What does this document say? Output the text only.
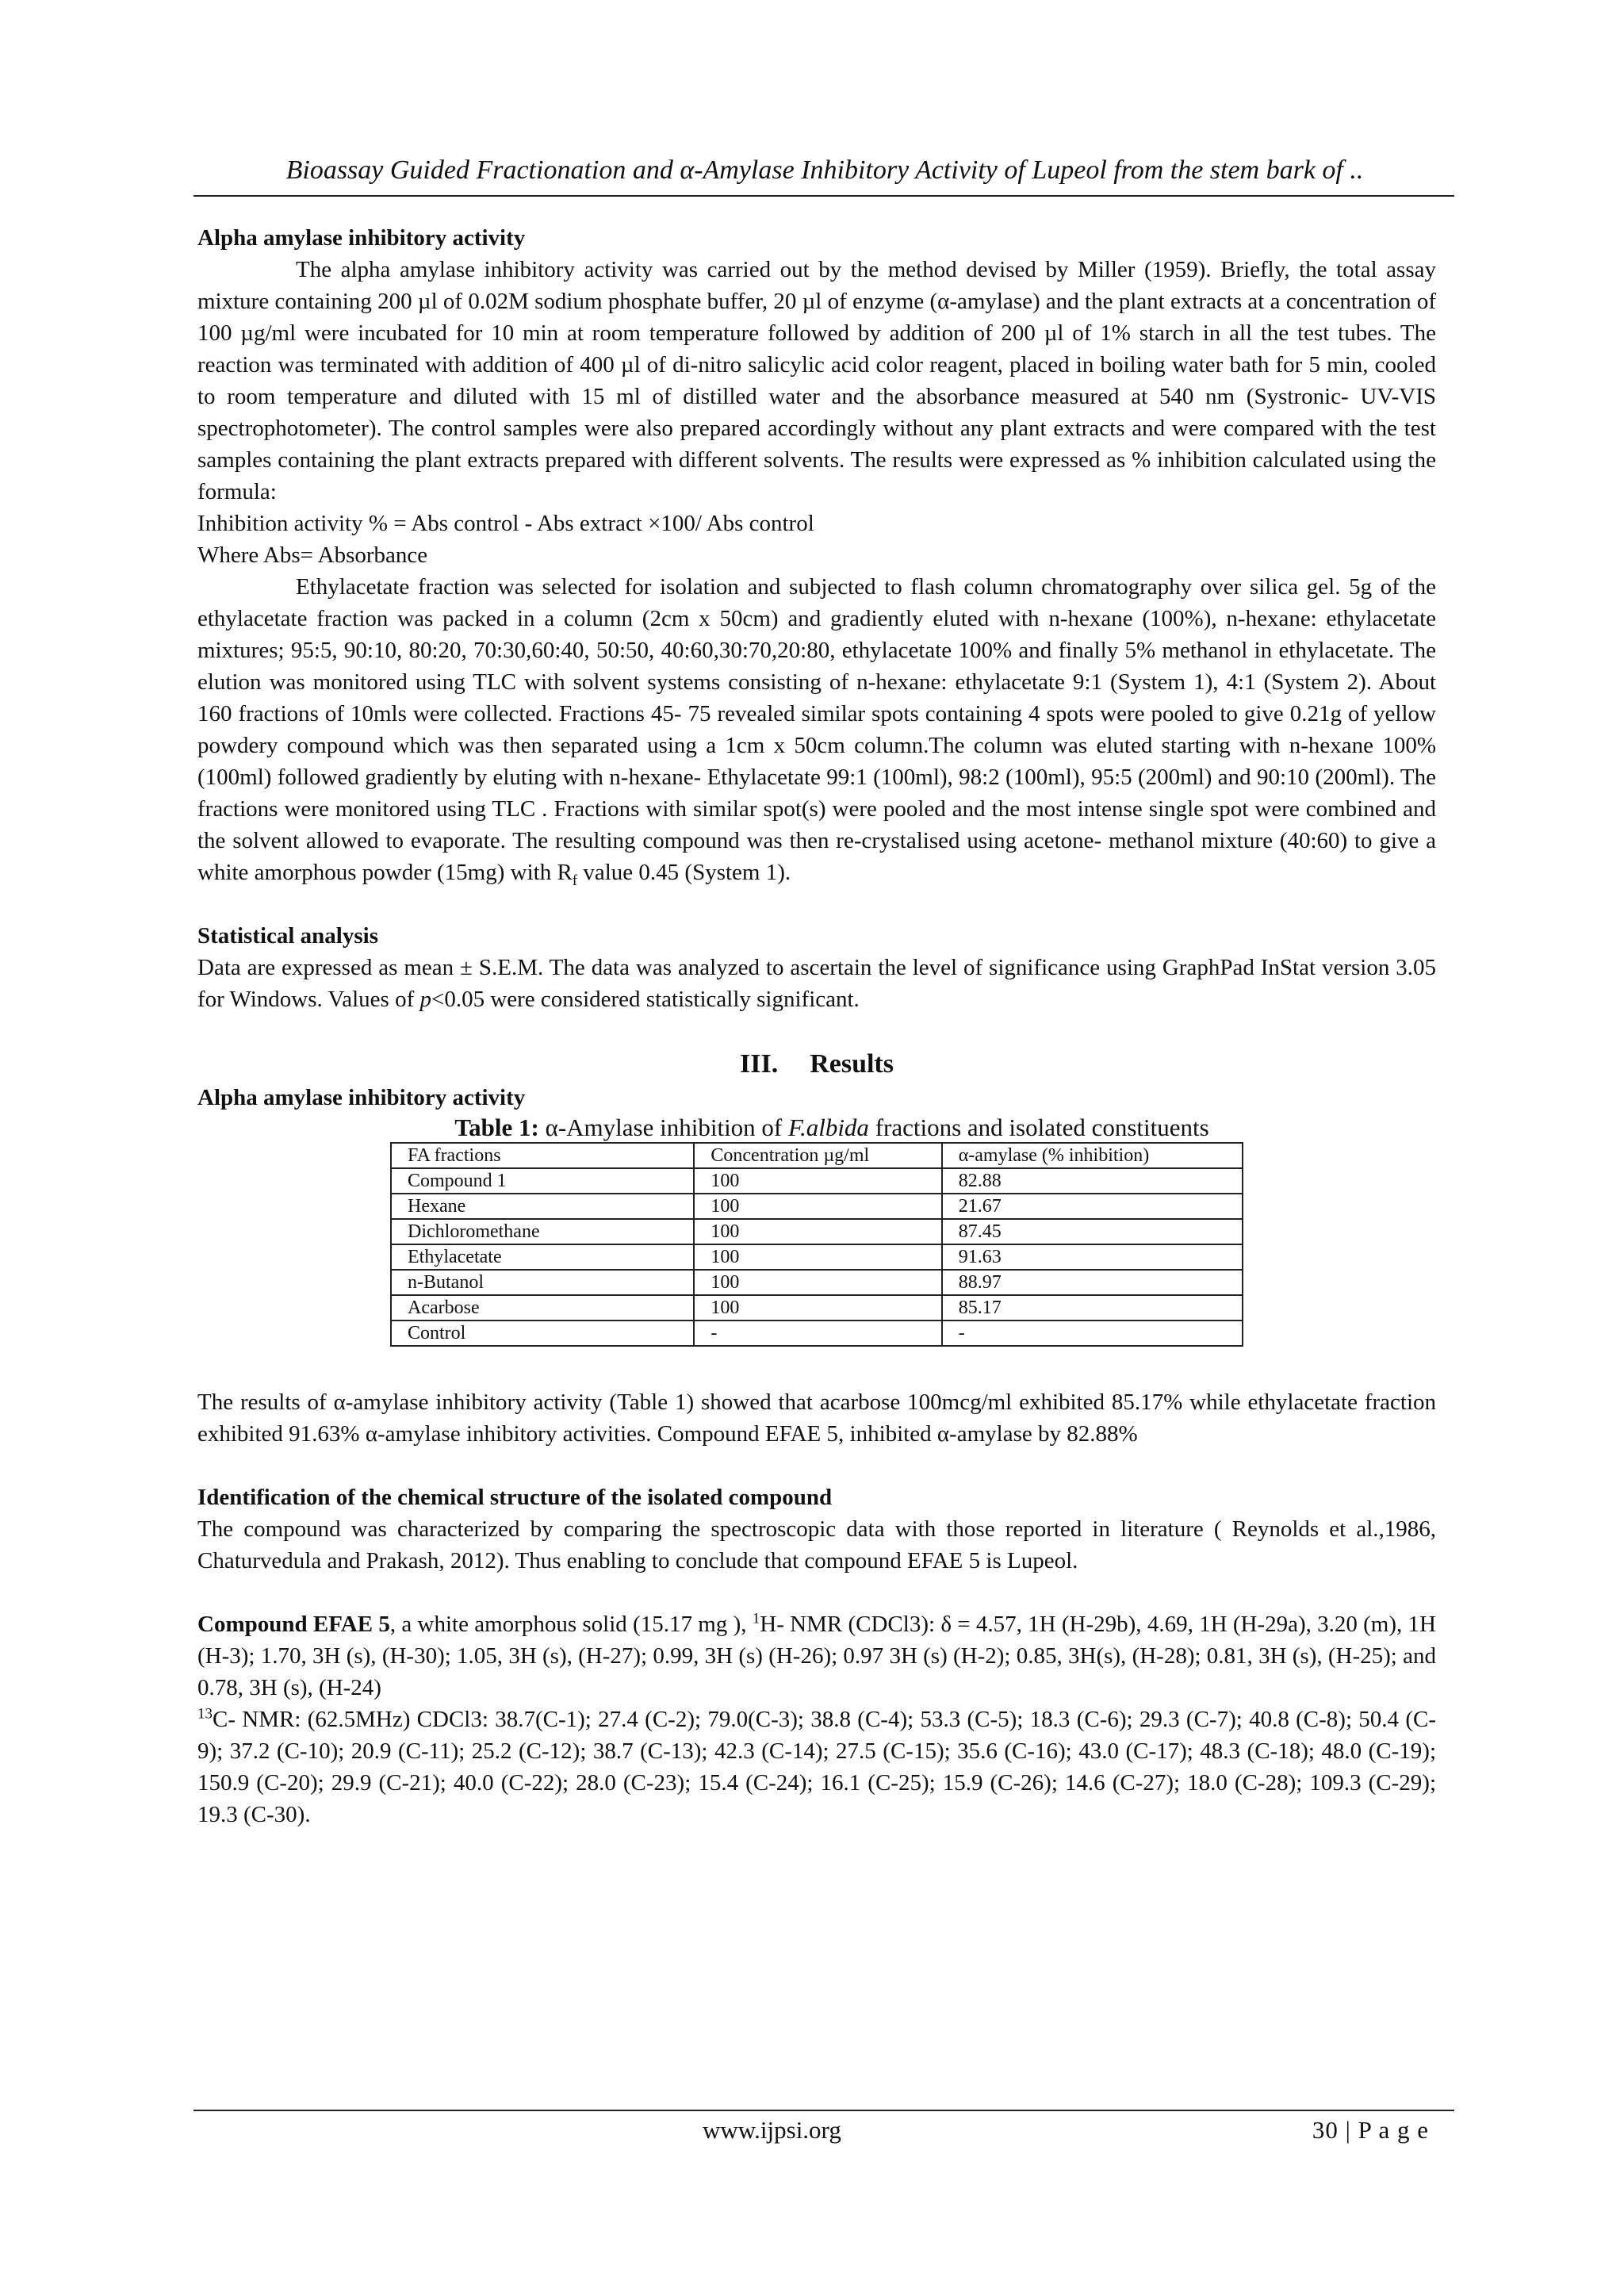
Bioassay Guided Fractionation and α-Amylase Inhibitory Activity of Lupeol from the stem bark of ..

Alpha amylase inhibitory activity

The alpha amylase inhibitory activity was carried out by the method devised by Miller (1959). Briefly, the total assay mixture containing 200 µl of 0.02M sodium phosphate buffer, 20 µl of enzyme (α-amylase) and the plant extracts at a concentration of 100 µg/ml were incubated for 10 min at room temperature followed by addition of 200 µl of 1% starch in all the test tubes. The reaction was terminated with addition of 400 µl of di-nitro salicylic acid color reagent, placed in boiling water bath for 5 min, cooled to room temperature and diluted with 15 ml of distilled water and the absorbance measured at 540 nm (Systronic- UV-VIS spectrophotometer). The control samples were also prepared accordingly without any plant extracts and were compared with the test samples containing the plant extracts prepared with different solvents. The results were expressed as % inhibition calculated using the formula:

Inhibition activity % = Abs control - Abs extract ×100/ Abs control

Where Abs= Absorbance

Ethylacetate fraction was selected for isolation and subjected to flash column chromatography over silica gel. 5g of the ethylacetate fraction was packed in a column (2cm x 50cm) and gradiently eluted with n-hexane (100%), n-hexane: ethylacetate mixtures; 95:5, 90:10, 80:20, 70:30,60:40, 50:50, 40:60,30:70,20:80, ethylacetate 100% and finally 5% methanol in ethylacetate. The elution was monitored using TLC with solvent systems consisting of n-hexane: ethylacetate 9:1 (System 1), 4:1 (System 2). About 160 fractions of 10mls were collected. Fractions 45- 75 revealed similar spots containing 4 spots were pooled to give 0.21g of yellow powdery compound which was then separated using a 1cm x 50cm column.The column was eluted starting with n-hexane 100% (100ml) followed gradiently by eluting with n-hexane- Ethylacetate 99:1 (100ml), 98:2 (100ml), 95:5 (200ml) and 90:10 (200ml). The fractions were monitored using TLC . Fractions with similar spot(s) were pooled and the most intense single spot were combined and the solvent allowed to evaporate. The resulting compound was then re-crystalised using acetone- methanol mixture (40:60) to give a white amorphous powder (15mg) with $R_f$ value 0.45 (System 1).

Statistical analysis

Data are expressed as mean ± S.E.M. The data was analyzed to ascertain the level of significance using GraphPad InStat version 3.05 for Windows. Values of p<0.05 were considered statistically significant.

III. Results

Alpha amylase inhibitory activity

Table 1: α-Amylase inhibition of F.albida fractions and isolated constituents
FA fractions	Concentration µg/ml	α-amylase (% inhibition)
Compound 1	100	82.88
Hexane	100	21.67
Dichloromethane	100	87.45
Ethylacetate	100	91.63
n-Butanol	100	88.97
Acarbose	100	85.17
Control	-	-

The results of α-amylase inhibitory activity (Table 1) showed that acarbose 100mcg/ml exhibited 85.17% while ethylacetate fraction exhibited 91.63% α-amylase inhibitory activities. Compound EFAE 5, inhibited α-amylase by 82.88%

Identification of the chemical structure of the isolated compound

The compound was characterized by comparing the spectroscopic data with those reported in literature ( Reynolds et al.,1986, Chaturvedula and Prakash, 2012). Thus enabling to conclude that compound EFAE 5 is Lupeol.

Compound EFAE 5, a white amorphous solid (15.17 mg ), $^1$H- NMR (CDCl3): δ = 4.57, 1H (H-29b), 4.69, 1H (H-29a), 3.20 (m), 1H (H-3); 1.70, 3H (s), (H-30); 1.05, 3H (s), (H-27); 0.99, 3H (s) (H-26); 0.97 3H (s) (H-2); 0.85, 3H(s), (H-28); 0.81, 3H (s), (H-25); and 0.78, 3H (s), (H-24)

$^{13}$C- NMR: (62.5MHz) CDCl3: 38.7(C-1); 27.4 (C-2); 79.0(C-3); 38.8 (C-4); 53.3 (C-5); 18.3 (C-6); 29.3 (C-7); 40.8 (C-8); 50.4 (C-9); 37.2 (C-10); 20.9 (C-11); 25.2 (C-12); 38.7 (C-13); 42.3 (C-14); 27.5 (C-15); 35.6 (C-16); 43.0 (C-17); 48.3 (C-18); 48.0 (C-19); 150.9 (C-20); 29.9 (C-21); 40.0 (C-22); 28.0 (C-23); 15.4 (C-24); 16.1 (C-25); 15.9 (C-26); 14.6 (C-27); 18.0 (C-28); 109.3 (C-29); 19.3 (C-30).

www.ijpsi.org	30 | P a g e
